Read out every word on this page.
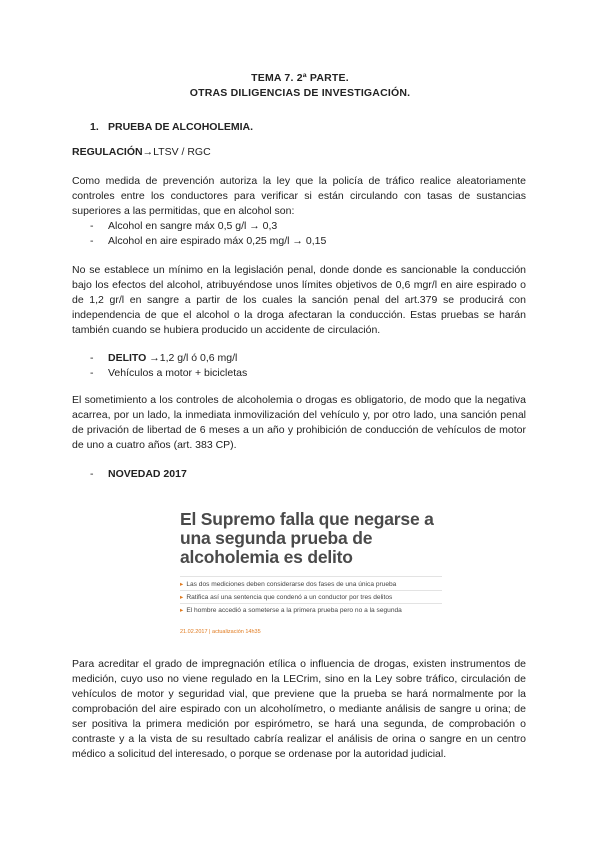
TEMA 7. 2ª PARTE.
OTRAS DILIGENCIAS DE INVESTIGACIÓN.
1. PRUEBA DE ALCOHOLEMIA.
REGULACIÓN→LTSV / RGC
Como medida de prevención autoriza la ley que la policía de tráfico realice aleatoriamente controles entre los conductores para verificar si están circulando con tasas de sustancias superiores a las permitidas, que en alcohol son:
- Alcohol en sangre máx 0,5 g/l → 0,3
- Alcohol en aire espirado máx 0,25 mg/l → 0,15
No se establece un mínimo en la legislación penal, donde donde es sancionable la conducción bajo los efectos del alcohol, atribuyéndose unos límites objetivos de 0,6 mgr/l en aire espirado o de 1,2 gr/l en sangre a partir de los cuales la sanción penal del art.379 se producirá con independencia de que el alcohol o la droga afectaran la conducción. Estas pruebas se harán también cuando se hubiera producido un accidente de circulación.
- DELITO →1,2 g/l ó 0,6 mg/l
- Vehículos a motor + bicicletas
El sometimiento a los controles de alcoholemia o drogas es obligatorio, de modo que la negativa acarrea, por un lado, la inmediata inmovilización del vehículo y, por otro lado, una sanción penal de privación de libertad de 6 meses a un año y prohibición de conducción de vehículos de motor de uno a cuatro años (art. 383 CP).
- NOVEDAD 2017
El Supremo falla que negarse a una segunda prueba de alcoholemia es delito
▸ Las dos mediciones deben considerarse dos fases de una única prueba
▸ Ratifica así una sentencia que condenó a un conductor por tres delitos
▸ El hombre accedió a someterse a la primera prueba pero no a la segunda
21.02.2017 | actualización 14h35
Para acreditar el grado de impregnación etílica o influencia de drogas, existen instrumentos de medición, cuyo uso no viene regulado en la LECrim, sino en la Ley sobre tráfico, circulación de vehículos de motor y seguridad vial, que previene que la prueba se hará normalmente por la comprobación del aire espirado con un alcoholímetro, o mediante análisis de sangre u orina; de ser positiva la primera medición por espirómetro, se hará una segunda, de comprobación o contraste y a la vista de su resultado cabría realizar el análisis de orina o sangre en un centro médico a solicitud del interesado, o porque se ordenase por la autoridad judicial.
